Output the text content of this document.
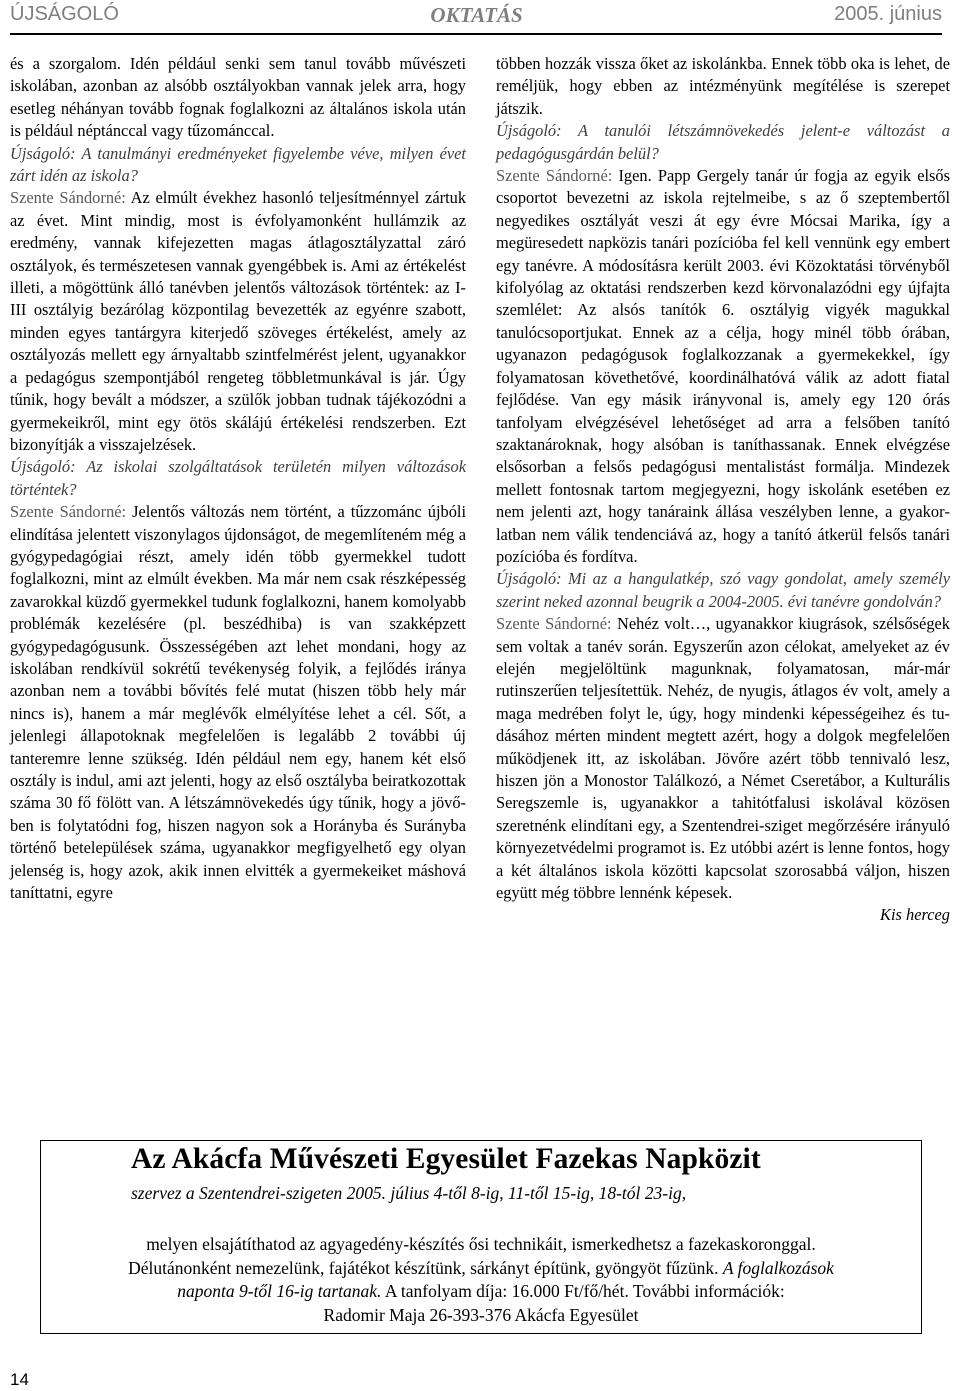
ÚJSÁGOLÓ	OKTATÁS	2005. június

és a szorgalom. Idén például senki sem tanul tovább művészeti iskolában, azonban az alsóbb osztályokban vannak jelek arra, hogy esetleg néhányan tovább fognak foglalkozni az általános iskola után is például néptánccal vagy tűzománccal.

Újságoló: A tanulmányi eredményeket figyelembe véve, milyen évet zárt idén az iskola?

Szente Sándorné: Az elmúlt évekhez hasonló teljesítménnyel zártuk az évet. Mint mindig, most is évfolyamonként hullámzik az eredmény, vannak kifejezetten magas átlagosztályzattal záró osztályok, és természetesen vannak gyengébbek is. Ami az értékelést illeti, a mögöttünk álló tanévben jelentős változások történtek: az I-III osztályig bezárólag központilag bevezették az egyénre szabott, minden egyes tantárgyra kiterjedő szöveges értékelést, amely az osztályozás mellett egy árnyaltabb szintfelmérést jelent, ugyanakkor a pedagógus szempontjából rengeteg többletmunkával is jár. Úgy tűnik, hogy bevált a módszer, a szülők jobban tudnak tájékozódni a gyermekeikről, mint egy ötös skálájú értékelési rendszerben. Ezt bizonyítják a visszajelzések.

Újságoló: Az iskolai szolgáltatások területén milyen változások történtek?

Szente Sándorné: Jelentős változás nem történt, a tűzzománc újbóli elindítása jelentett viszonylagos újdonságot, de megemlíteném még a gyógypedagógiai részt, amely idén több gyermekkel tudott foglalkozni, mint az elmúlt években. Ma már nem csak részképesség zavarokkal küzdő gyermekkel tudunk foglalkozni, hanem komolyabb problémák kezelésére (pl. beszédhiba) is van szakképzett gyógypedagógusunk. Összességében azt lehet mondani, hogy az iskolában rendkívül sokrétű tevékenység folyik, a fejlődés iránya azonban nem a további bővítés felé mutat (hiszen több hely már nincs is), hanem a már meglévők elmélyítése lehet a cél. Sőt, a jelenlegi állapotoknak megfelelően is legalább 2 további új tanteremre lenne szükség. Idén például nem egy, hanem két első osztály is indul, ami azt jelenti, hogy az első osztályba beiratkozottak száma 30 fő fölött van. A létszámnövekedés úgy tűnik, hogy a jövőben is folytatódni fog, hiszen nagyon sok a Horányba és Surányba történő betelepülések száma, ugyanakkor megfigyelhető egy olyan jelenség is, hogy azok, akik innen elvitték a gyermekeiket máshová taníttatni, egyre

többen hozzák vissza őket az iskolánkba. Ennek több oka is lehet, de reméljük, hogy ebben az intézményünk megítélése is szerepet játszik.

Újságoló: A tanulói létszámnövekedés jelent-e változást a pedagógusgárdán belül?

Szente Sándorné: Igen. Papp Gergely tanár úr fogja az egyik elsős csoportot bevezetni az iskola rejtelmeibe, s az ő szeptembertől negyedikes osztályát veszi át egy évre Mócsai Marika, így a megüresedett napközis tanári pozícióba fel kell vennünk egy embert egy tanévre. A módosításra került 2003. évi Közoktatási törvényből kifolyólag az oktatási rendszerben kezd körvonalazódni egy újfajta szemlélet: Az alsós tanítók 6. osztályig vigyék magukkal tanulócsoportjukat. Ennek az a célja, hogy minél több órában, ugyanazon pedagógusok foglalkozzanak a gyermekekkel, így folyamatosan követhetővé, koordinálhatóvá válik az adott fiatal fejlődése. Van egy másik irányvonal is, amely egy 120 órás tanfolyam elvégzésével lehetőséget ad arra a felsőben tanító szaktanároknak, hogy alsóban is taníthassanak. Ennek elvégzése elsősorban a felsős pedagógusi mentalistást formálja. Mindezek mellett fontosnak tartom megjegyezni, hogy iskolánk esetében ez nem jelenti azt, hogy tanáraink állása veszélyben lenne, a gyakorlatban nem válik tendenciává az, hogy a tanító átkerül felsős tanári pozícióba és fordítva.

Újságoló: Mi az a hangulatkép, szó vagy gondolat, amely személy szerint neked azonnal beugrik a 2004-2005. évi tanévre gondolván?

Szente Sándorné: Nehéz volt…, ugyanakkor kiugrások, szélsőségek sem voltak a tanév során. Egyszerűn azon célokat, amelyeket az év elején megjelöltünk magunknak, folyamatosan, már-már rutinszerűen teljesítettük. Nehéz, de nyugis, átlagos év volt, amely a maga medrében folyt le, úgy, hogy mindenki képességeihez és tudásához mérten mindent megtett azért, hogy a dolgok megfelelően működjenek itt, az iskolában. Jövőre azért több tennivaló lesz, hiszen jön a Monostor Találkozó, a Német Cseretábor, a Kulturális Seregszemle is, ugyanakkor a tahitótfalusi iskolával közösen szeretnénk elindítani egy, a Szentendrei-sziget megőrzésére irányuló környezetvédelmi programot is. Ez utóbbi azért is lenne fontos, hogy a két általános iskola közötti kapcsolat szorosabbá váljon, hiszen együtt még többre lennénk képesek.

Kis herceg

Az Akácfa Művészeti Egyesület Fazekas Napközit
szervez a Szentendrei-szigeten 2005. július 4-től 8-ig, 11-től 15-ig, 18-tól 23-ig,
melyen elsajátíthatod az agyagedény-készítés ősi technikáit, ismerkedhetsz a fazekaskoronggal.
Délutánonként nemezelünk, fajátékot készítünk, sárkányt építünk, gyöngyöt fűzünk. A foglalkozások
naponta 9-től 16-ig tartanak. A tanfolyam díja: 16.000 Ft/fő/hét. További információk:
Radomir Maja 26-393-376 Akácfa Egyesület
14
